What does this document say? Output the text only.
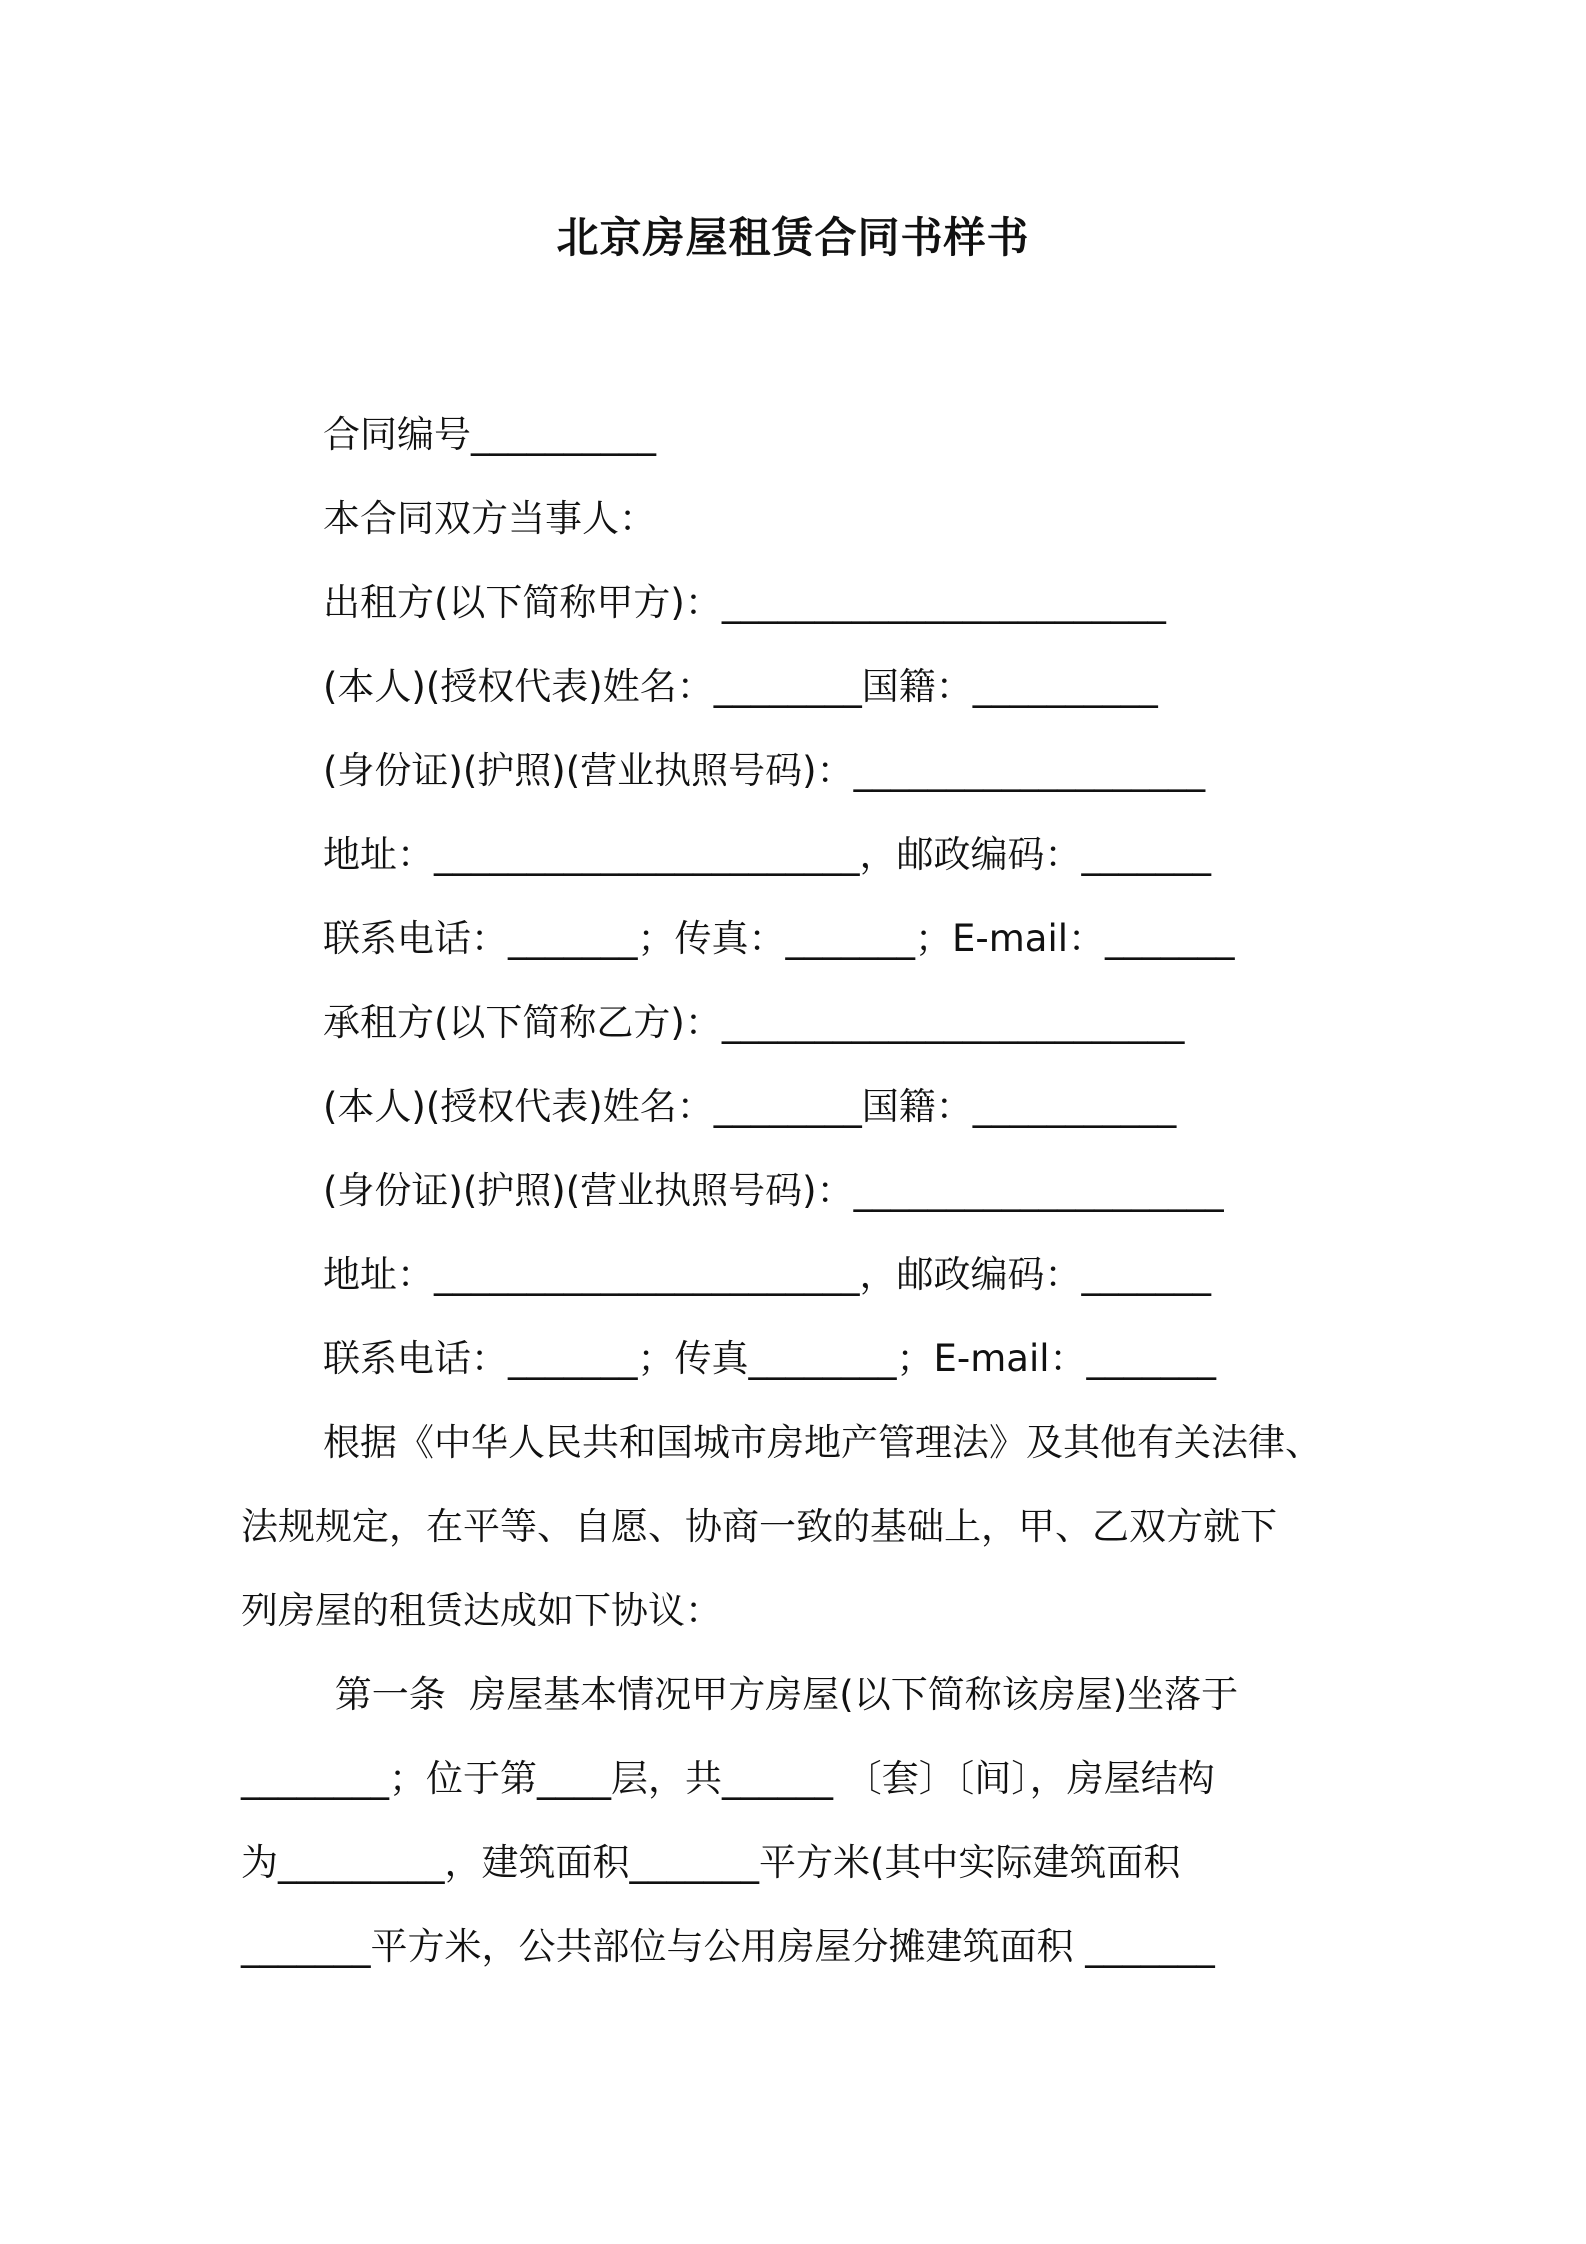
北京房屋租赁合同书样书

合同编号__________

本合同双方当事人：

出租方(以下简称甲方)：________________________

(本人)(授权代表)姓名：________国籍：__________

(身份证)(护照)(营业执照号码)：___________________

地址：_______________________，邮政编码：_______

联系电话：_______；传真：_______；E-mail：_______

承租方(以下简称乙方)：_________________________

(本人)(授权代表)姓名：________国籍：___________

(身份证)(护照)(营业执照号码)：____________________

地址：_______________________，邮政编码：_______

联系电话：_______；传真________；E-mail：_______

根据《中华人民共和国城市房地产管理法》及其他有关法律、

法规规定，在平等、自愿、协商一致的基础上，甲、乙双方就下

列房屋的租赁达成如下协议：

第一条  房屋基本情况甲方房屋(以下简称该房屋)坐落于

________；位于第____层，共______ 〔套〕〔间〕，房屋结构

为_________，建筑面积_______平方米(其中实际建筑面积

_______平方米，公共部位与公用房屋分摊建筑面积 _______
